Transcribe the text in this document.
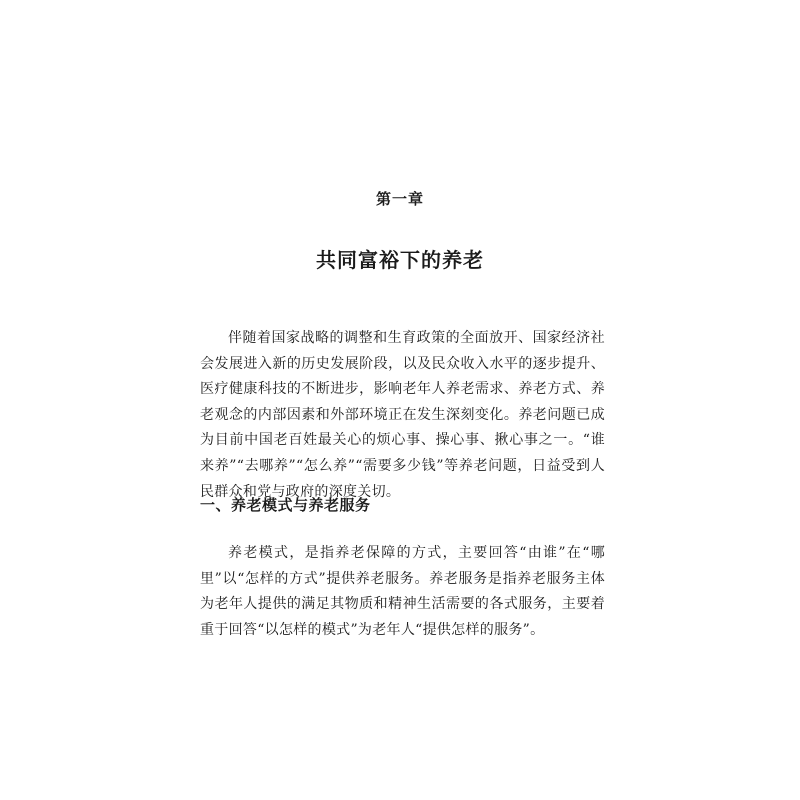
第一章
共同富裕下的养老

伴随着国家战略的调整和生育政策的全面放开、国家经济社会发展进入新的历史发展阶段，以及民众收入水平的逐步提升、医疗健康科技的不断进步，影响老年人养老需求、养老方式、养老观念的内部因素和外部环境正在发生深刻变化。养老问题已成为目前中国老百姓最关心的烦心事、操心事、揪心事之一。“谁来养”“去哪养”“怎么养”“需要多少钱”等养老问题，日益受到人民群众和党与政府的深度关切。

一、养老模式与养老服务

养老模式，是指养老保障的方式，主要回答“由谁”在“哪里”以“怎样的方式”提供养老服务。养老服务是指养老服务主体为老年人提供的满足其物质和精神生活需要的各式服务，主要着重于回答“以怎样的模式”为老年人“提供怎样的服务”。
